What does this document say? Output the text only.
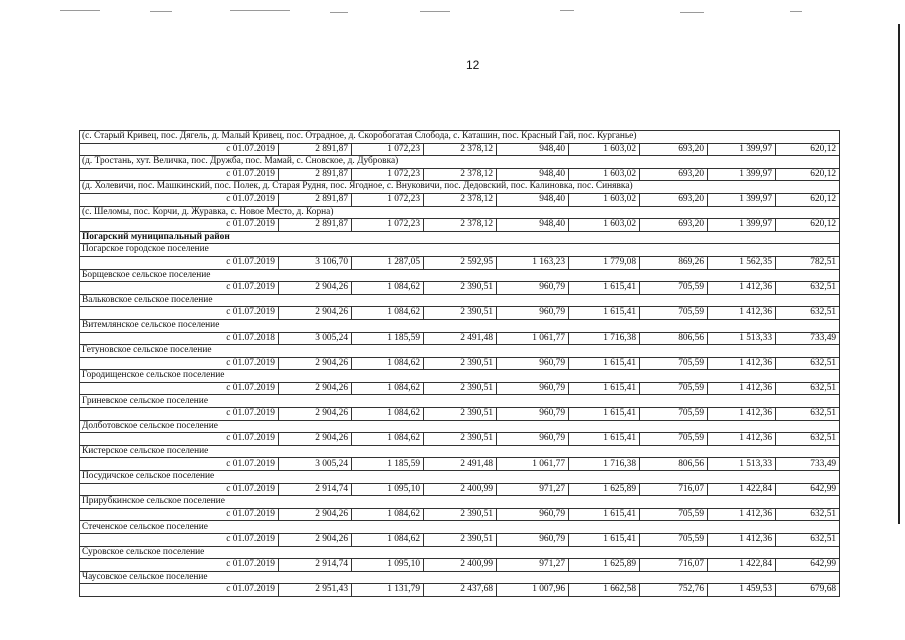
12
(с. Старый Кривец, пос. Дягель, д. Малый Кривец, пос. Отрадное, д. Скоробогатая Слобода, с. Каташин, пос. Красный Гай, пос. Курганье)								
с 01.07.2019	2 891,87	1 072,23	2 378,12	948,40	1 603,02	693,20	1 399,97	620,12
(д. Тростань, хут. Величка, пос. Дружба, пос. Мамай, с. Сновское, д. Дубровка)								
с 01.07.2019	2 891,87	1 072,23	2 378,12	948,40	1 603,02	693,20	1 399,97	620,12
(д. Холевичи, пос. Машкинский, пос. Полек, д. Старая Рудня, пос. Ягодное, с. Внуковичи, пос. Дедовский, пос. Калиновка, пос. Синявка)								
с 01.07.2019	2 891,87	1 072,23	2 378,12	948,40	1 603,02	693,20	1 399,97	620,12
(с. Шеломы, пос. Корчи, д. Журавка, с. Новое Место, д. Корна)								
с 01.07.2019	2 891,87	1 072,23	2 378,12	948,40	1 603,02	693,20	1 399,97	620,12
Погарский муниципальный район								
Погарское городское поселение								
с 01.07.2019	3 106,70	1 287,05	2 592,95	1 163,23	1 779,08	869,26	1 562,35	782,51
Борщевское сельское поселение								
с 01.07.2019	2 904,26	1 084,62	2 390,51	960,79	1 615,41	705,59	1 412,36	632,51
Вальковское сельское поселение								
с 01.07.2019	2 904,26	1 084,62	2 390,51	960,79	1 615,41	705,59	1 412,36	632,51
Витемлянское сельское поселение								
с 01.07.2018	3 005,24	1 185,59	2 491,48	1 061,77	1 716,38	806,56	1 513,33	733,49
Гетуновское сельское поселение								
с 01.07.2019	2 904,26	1 084,62	2 390,51	960,79	1 615,41	705,59	1 412,36	632,51
Городищенское сельское поселение								
с 01.07.2019	2 904,26	1 084,62	2 390,51	960,79	1 615,41	705,59	1 412,36	632,51
Гриневское сельское поселение								
с 01.07.2019	2 904,26	1 084,62	2 390,51	960,79	1 615,41	705,59	1 412,36	632,51
Долботовское сельское поселение								
с 01.07.2019	2 904,26	1 084,62	2 390,51	960,79	1 615,41	705,59	1 412,36	632,51
Кистерское сельское поселение								
с 01.07.2019	3 005,24	1 185,59	2 491,48	1 061,77	1 716,38	806,56	1 513,33	733,49
Посудичское сельское поселение								
с 01.07.2019	2 914,74	1 095,10	2 400,99	971,27	1 625,89	716,07	1 422,84	642,99
Прирубкинское сельское поселение								
с 01.07.2019	2 904,26	1 084,62	2 390,51	960,79	1 615,41	705,59	1 412,36	632,51
Стеченское сельское поселение								
с 01.07.2019	2 904,26	1 084,62	2 390,51	960,79	1 615,41	705,59	1 412,36	632,51
Суровское сельское поселение								
с 01.07.2019	2 914,74	1 095,10	2 400,99	971,27	1 625,89	716,07	1 422,84	642,99
Чаусовское сельское поселение								
с 01.07.2019	2 951,43	1 131,79	2 437,68	1 007,96	1 662,58	752,76	1 459,53	679,68
